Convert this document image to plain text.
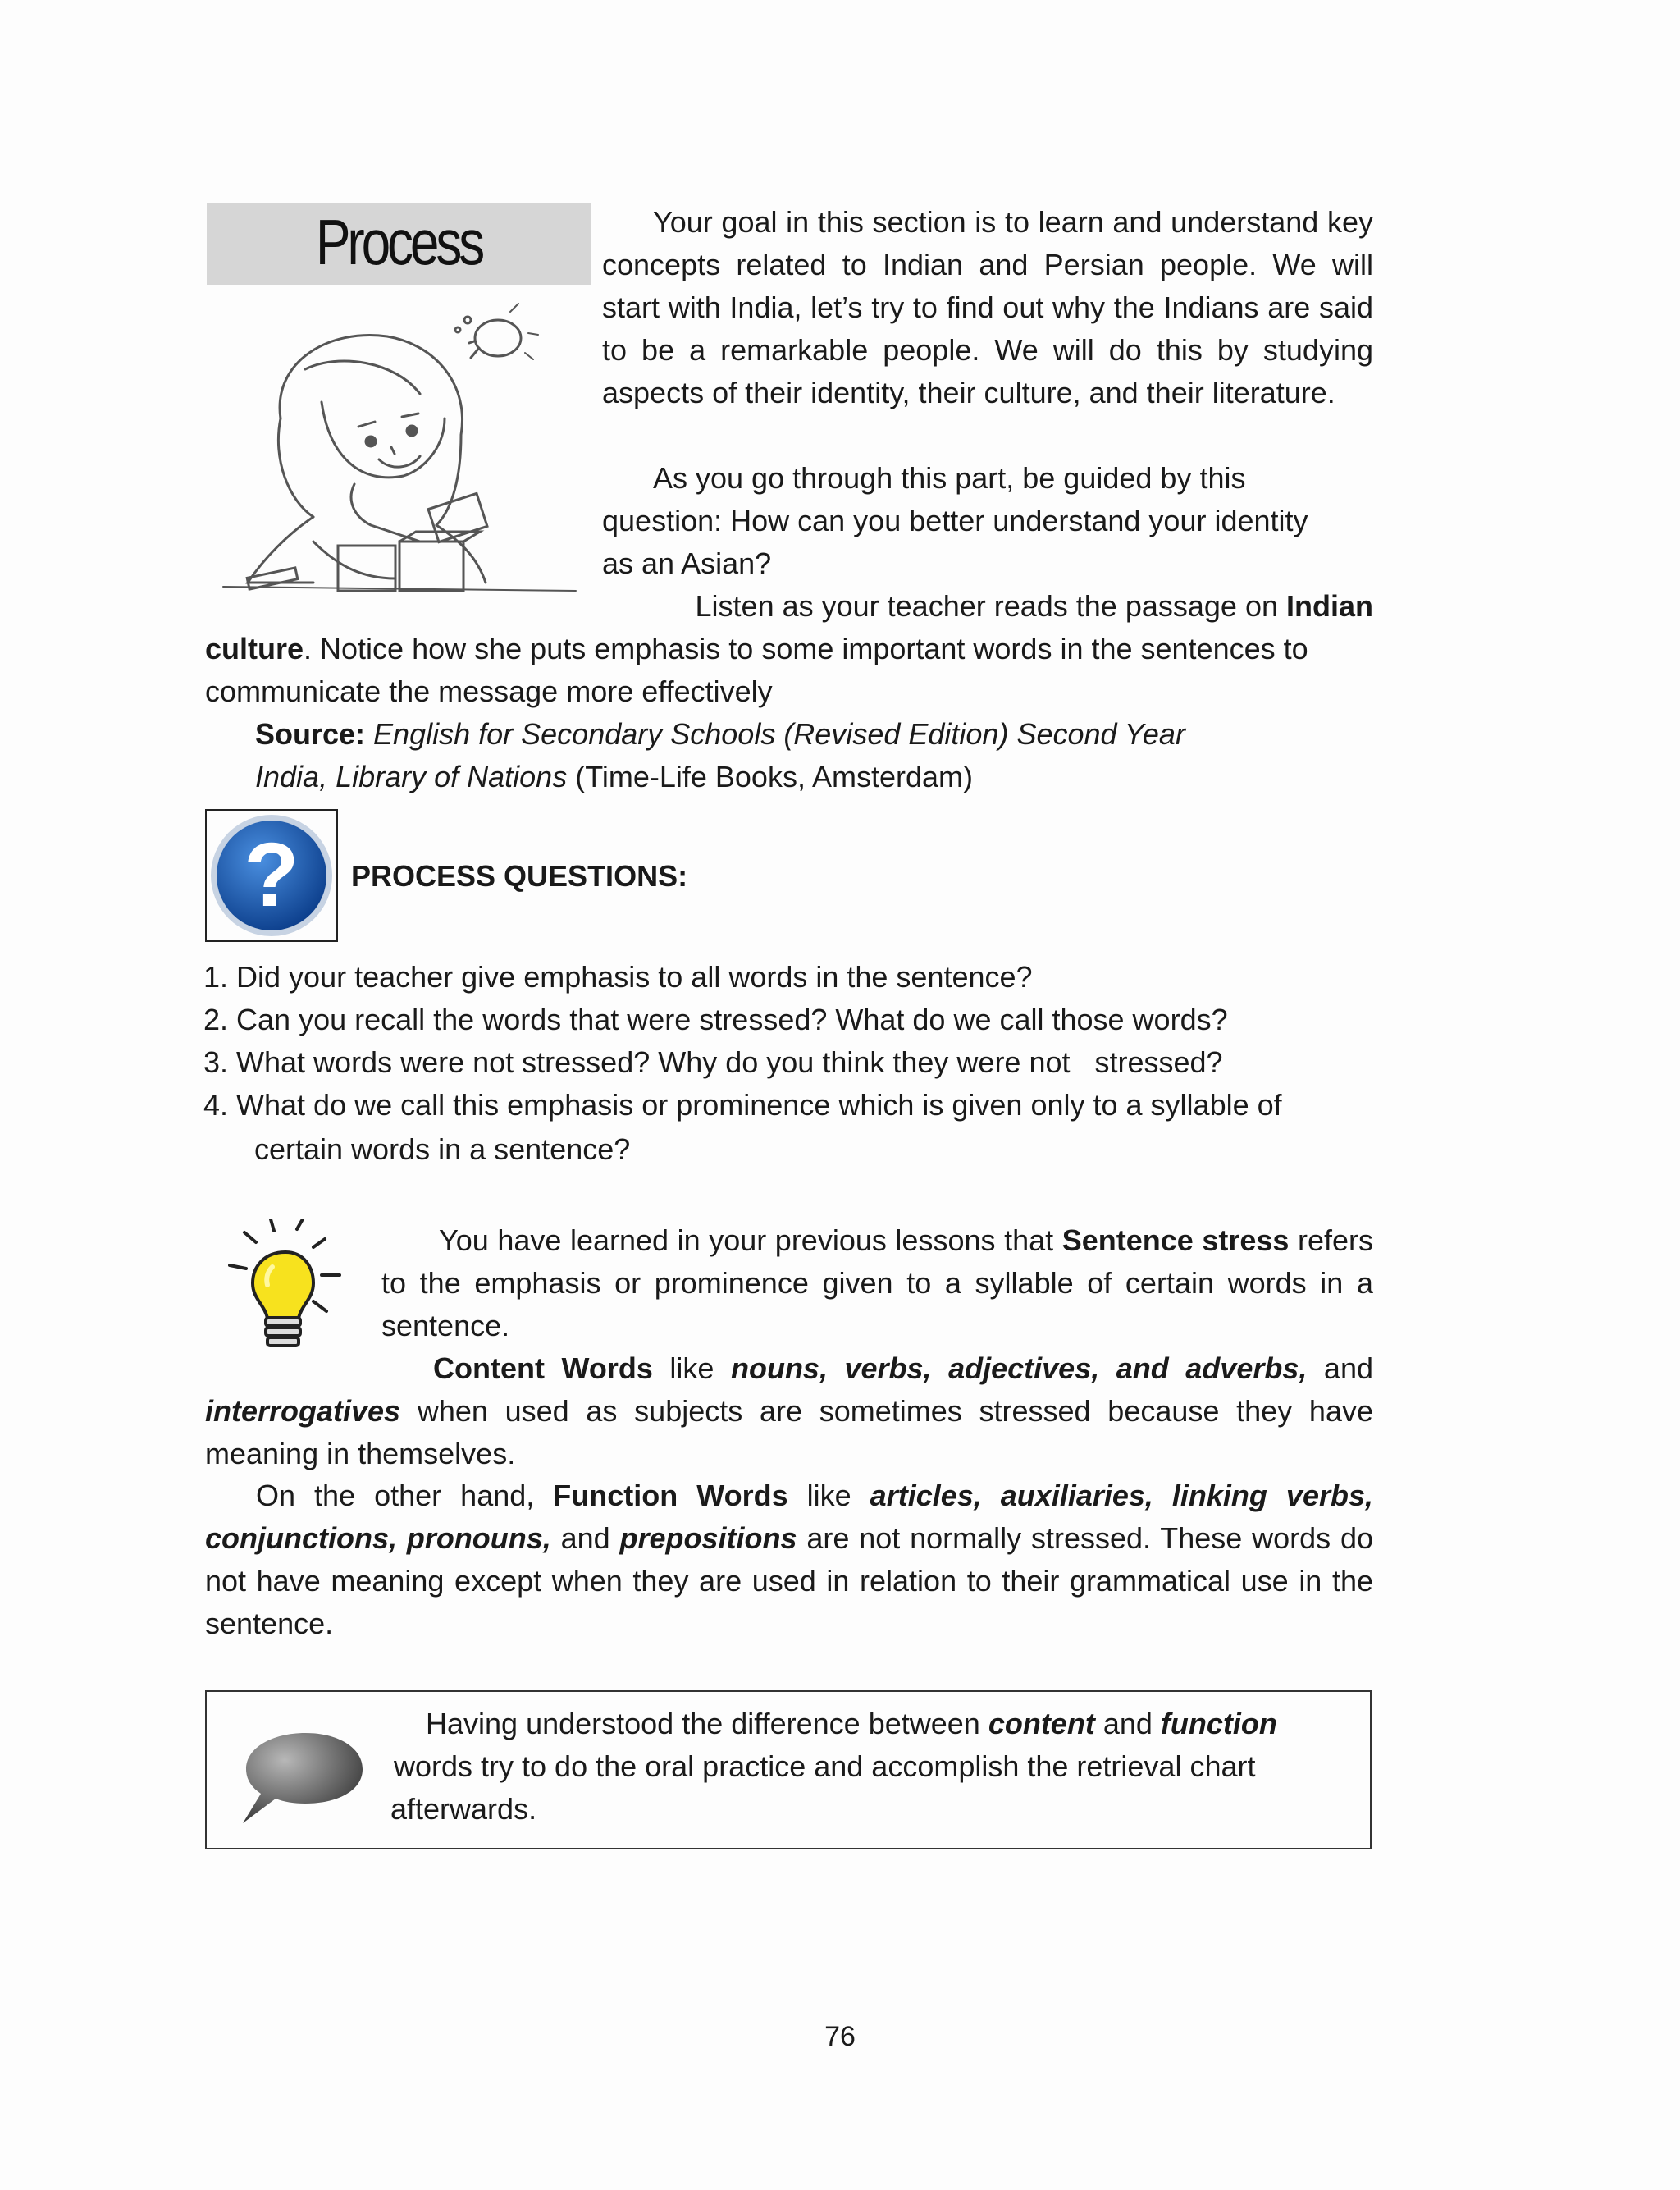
Process	Your goal in this section is to learn and understand key concepts related to Indian and Persian people. We will start with India, let’s try to find out why the Indians are said to be a remarkable people. We will do this by studying aspects of their identity, their culture, and their literature.
As you go through this part, be guided by this
question: How can you better understand your identity
as an Asian?
Listen as your teacher reads the passage on Indian
culture. Notice how she puts emphasis to some important words in the sentences to
communicate the message more effectively
Source: English for Secondary Schools (Revised Edition) Second Year
India, Library of Nations (Time-Life Books, Amsterdam)
? PROCESS QUESTIONS:
1. Did your teacher give emphasis to all words in the sentence?
2. Can you recall the words that were stressed? What do we call those words?
3. What words were not stressed? Why do you think they were not   stressed?
4. What do we call this emphasis or prominence which is given only to a syllable of
certain words in a sentence?
You have learned in your previous lessons that Sentence stress refers to the emphasis or prominence given to a syllable of certain words in a sentence.
Content Words like nouns, verbs, adjectives, and adverbs, and interrogatives when used as subjects are sometimes stressed because they have meaning in themselves.
On the other hand, Function Words like articles, auxiliaries, linking verbs, conjunctions, pronouns, and prepositions are not normally stressed. These words do not have meaning except when they are used in relation to their grammatical use in the sentence.
Having understood the difference between content and function
words try to do the oral practice and accomplish the retrieval chart
afterwards.
76
